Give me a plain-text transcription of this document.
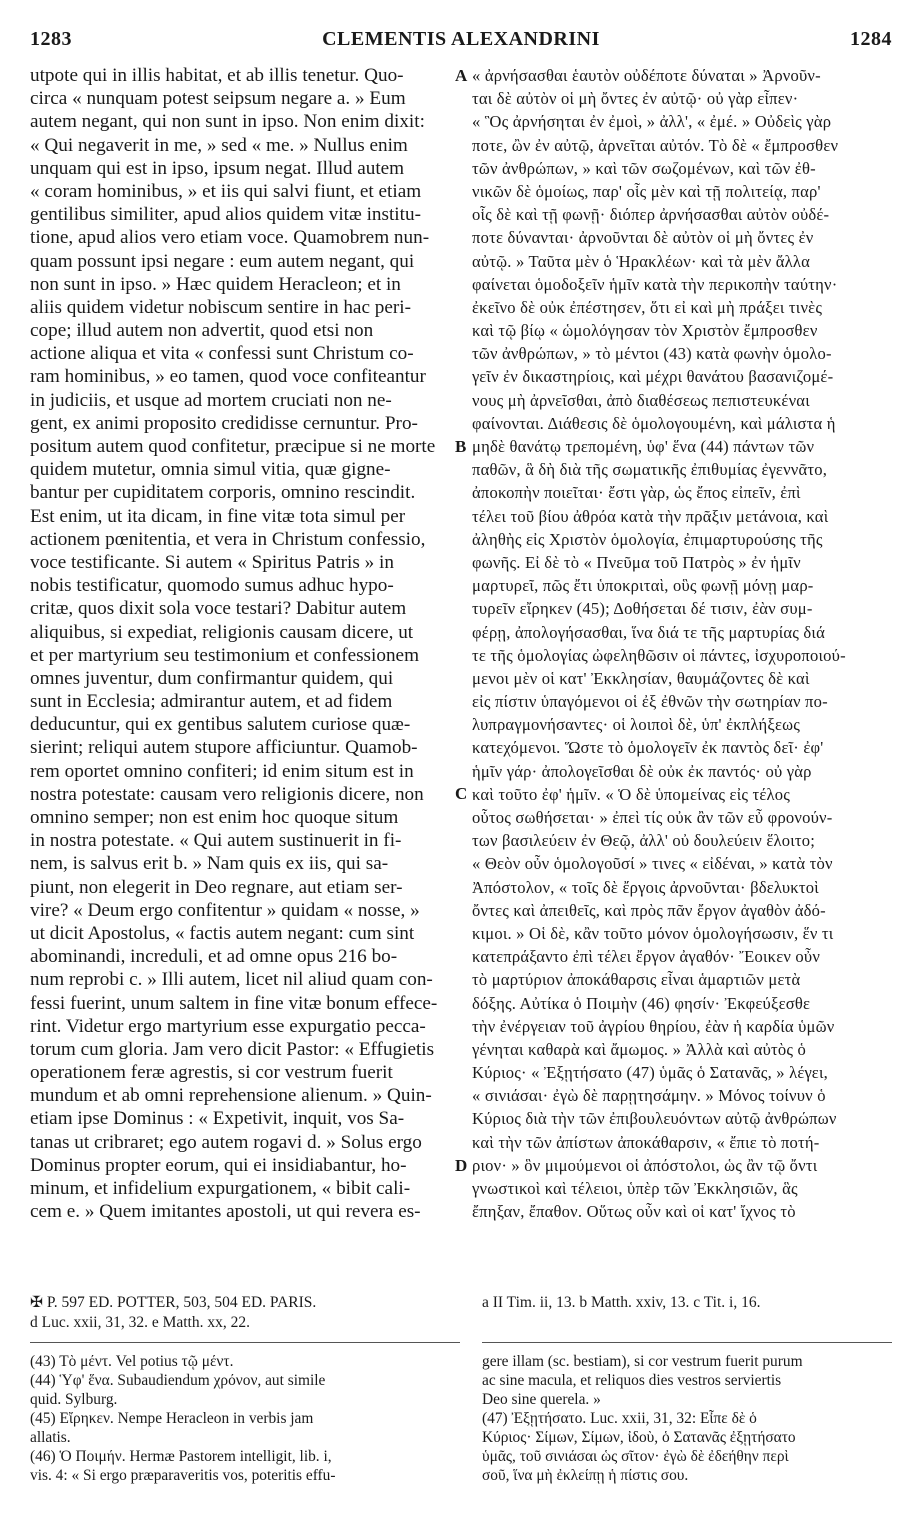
1283	CLEMENTIS ALEXANDRINI	1284
utpote qui in illis habitat, et ab illis tenetur. Quo-
circa « nunquam potest seipsum negare a. » Eum
autem negant, qui non sunt in ipso. Non enim dixit:
« Qui negaverit in me, » sed « me. » Nullus enim
unquam qui est in ipso, ipsum negat. Illud autem
« coram hominibus, » et iis qui salvi fiunt, et etiam
gentilibus similiter, apud alios quidem vitæ institu-
tione, apud alios vero etiam voce. Quamobrem nun-
quam possunt ipsi negare : eum autem negant, qui
non sunt in ipso. » Hæc quidem Heracleon; et in
aliis quidem videtur nobiscum sentire in hac peri-
cope; illud autem non advertit, quod etsi non
actione aliqua et vita « confessi sunt Christum co-
ram hominibus, » eo tamen, quod voce confiteantur
in judiciis, et usque ad mortem cruciati non ne-
gent, ex animi proposito credidisse cernuntur. Pro-
positum autem quod confitetur, præcipue si ne morte
quidem mutetur, omnia simul vitia, quæ gigne-
bantur per cupiditatem corporis, omnino rescindit.
Est enim, ut ita dicam, in fine vitæ tota simul per
actionem pœnitentia, et vera in Christum confessio,
voce testificante. Si autem « Spiritus Patris » in
nobis testificatur, quomodo sumus adhuc hypo-
critæ, quos dixit sola voce testari? Dabitur autem
aliquibus, si expediat, religionis causam dicere, ut
et per martyrium seu testimonium et confessionem
omnes juventur, dum confirmantur quidem, qui
sunt in Ecclesia; admirantur autem, et ad fidem
deducuntur, qui ex gentibus salutem curiose quæ-
sierint; reliqui autem stupore afficiuntur. Quamob-
rem oportet omnino confiteri; id enim situm est in
nostra potestate: causam vero religionis dicere, non
omnino semper; non est enim hoc quoque situm
in nostra potestate. « Qui autem sustinuerit in fi-
nem, is salvus erit b. » Nam quis ex iis, qui sa-
piunt, non elegerit in Deo regnare, aut etiam ser-
vire? « Deum ergo confitentur » quidam « nosse, »
ut dicit Apostolus, « factis autem negant: cum sint
abominandi, increduli, et ad omne opus 216 bo-
num reprobi c. » Illi autem, licet nil aliud quam con-
fessi fuerint, unum saltem in fine vitæ bonum effece-
rint. Videtur ergo martyrium esse expurgatio pecca-
torum cum gloria. Jam vero dicit Pastor: « Effugietis
operationem feræ agrestis, si cor vestrum fuerit
mundum et ab omni reprehensione alienum. » Quin-
etiam ipse Dominus : « Expetivit, inquit, vos Sa-
tanas ut cribraret; ego autem rogavi d. » Solus ergo
Dominus propter eorum, qui ei insidiabantur, ho-
minum, et infidelium expurgationem, « bibit cali-
cem e. » Quem imitantes apostoli, ut qui revera es-
« ἀρνήσασθαι ἑαυτὸν οὐδέποτε δύναται » Ἀρνοῦν-
ται δὲ αὐτὸν οἱ μὴ ὄντες ἐν αὐτῷ· οὐ γὰρ εἶπεν·
« Ὃς ἀρνήσηται ἐν ἐμοὶ, » ἀλλ', « ἐμέ. » Οὐδεὶς γὰρ
ποτε, ὢν ἐν αὐτῷ, ἀρνεῖται αὐτόν. Τὸ δὲ « ἔμπροσθεν
τῶν ἀνθρώπων, » καὶ τῶν σωζομένων, καὶ τῶν ἐθ-
νικῶν δὲ ὁμοίως, παρ' οἷς μὲν καὶ τῇ πολιτείᾳ, παρ'
οἷς δὲ καὶ τῇ φωνῇ· διόπερ ἀρνήσασθαι αὐτὸν οὐδέ-
ποτε δύνανται· ἀρνοῦνται δὲ αὐτὸν οἱ μὴ ὄντες ἐν
αὐτῷ. » Ταῦτα μὲν ὁ Ἡρακλέων· καὶ τὰ μὲν ἄλλα
φαίνεται ὁμοδοξεῖν ἡμῖν κατὰ τὴν περικοπὴν ταύτην·
ἐκεῖνο δὲ οὐκ ἐπέστησεν, ὅτι εἰ καὶ μὴ πράξει τινὲς
καὶ τῷ βίῳ « ὡμολόγησαν τὸν Χριστὸν ἔμπροσθεν
τῶν ἀνθρώπων, » τὸ μέντοι (43) κατὰ φωνὴν ὁμολο-
γεῖν ἐν δικαστηρίοις, καὶ μέχρι θανάτου βασανιζομέ-
νους μὴ ἀρνεῖσθαι, ἀπὸ διαθέσεως πεπιστευκέναι
φαίνονται. Διάθεσις δὲ ὁμολογουμένη, καὶ μάλιστα ἡ
μηδὲ θανάτῳ τρεπομένη, ὑφ' ἕνα (44) πάντων τῶν
παθῶν, ἃ δὴ διὰ τῆς σωματικῆς ἐπιθυμίας ἐγεννᾶτο,
ἀποκοπὴν ποιεῖται· ἔστι γὰρ, ὡς ἔπος εἰπεῖν, ἐπὶ
τέλει τοῦ βίου ἀθρόα κατὰ τὴν πρᾶξιν μετάνοια, καὶ
ἀληθὴς εἰς Χριστὸν ὁμολογία, ἐπιμαρτυρούσης τῆς
φωνῆς. Εἰ δὲ τὸ « Πνεῦμα τοῦ Πατρὸς » ἐν ἡμῖν
μαρτυρεῖ, πῶς ἔτι ὑποκριταὶ, οὓς φωνῇ μόνῃ μαρ-
τυρεῖν εἴρηκεν (45); Δοθήσεται δέ τισιν, ἐὰν συμ-
φέρῃ, ἀπολογήσασθαι, ἵνα διά τε τῆς μαρτυρίας διά
τε τῆς ὁμολογίας ὠφεληθῶσιν οἱ πάντες, ἰσχυροποιού-
μενοι μὲν οἱ κατ' Ἐκκλησίαν, θαυμάζοντες δὲ καὶ
εἰς πίστιν ὑπαγόμενοι οἱ ἐξ ἐθνῶν τὴν σωτηρίαν πο-
λυπραγμονήσαντες· οἱ λοιποὶ δὲ, ὑπ' ἐκπλήξεως
κατεχόμενοι. Ὥστε τὸ ὁμολογεῖν ἐκ παντὸς δεῖ· ἐφ'
ἡμῖν γάρ· ἀπολογεῖσθαι δὲ οὐκ ἐκ παντός· οὐ γὰρ
καὶ τοῦτο ἐφ' ἡμῖν. « Ὁ δὲ ὑπομείνας εἰς τέλος
οὗτος σωθήσεται· » ἐπεὶ τίς οὐκ ἂν τῶν εὖ φρονούν-
των βασιλεύειν ἐν Θεῷ, ἀλλ' οὐ δουλεύειν ἕλοιτο;
« Θεὸν οὖν ὁμολογοῦσί » τινες « εἰδέναι, » κατὰ τὸν
Ἀπόστολον, « τοῖς δὲ ἔργοις ἀρνοῦνται· βδελυκτοὶ
ὄντες καὶ ἀπειθεῖς, καὶ πρὸς πᾶν ἔργον ἀγαθὸν ἀδό-
κιμοι. » Οἱ δὲ, κἂν τοῦτο μόνον ὁμολογήσωσιν, ἕν τι
κατεπράξαντο ἐπὶ τέλει ἔργον ἀγαθόν· Ἔοικεν οὖν
τὸ μαρτύριον ἀποκάθαρσις εἶναι ἁμαρτιῶν μετὰ
δόξης. Αὐτίκα ὁ Ποιμὴν (46) φησίν· Ἐκφεύξεσθε
τὴν ἐνέργειαν τοῦ ἀγρίου θηρίου, ἐὰν ἡ καρδία ὑμῶν
γένηται καθαρὰ καὶ ἄμωμος. » Ἀλλὰ καὶ αὐτὸς ὁ
Κύριος· « Ἐξῃτήσατο (47) ὑμᾶς ὁ Σατανᾶς, » λέγει,
« σινιάσαι· ἐγὼ δὲ παρῃτησάμην. » Μόνος τοίνυν ὁ
Κύριος διὰ τὴν τῶν ἐπιβουλευόντων αὐτῷ ἀνθρώπων
καὶ τὴν τῶν ἀπίστων ἀποκάθαρσιν, « ἔπιε τὸ ποτή-
ριον· » ὃν μιμούμενοι οἱ ἀπόστολοι, ὡς ἂν τῷ ὄντι
γνωστικοὶ καὶ τέλειοι, ὑπὲρ τῶν Ἐκκλησιῶν, ἃς
ἔπηξαν, ἔπαθον. Οὕτως οὖν καὶ οἱ κατ' ἴχνος τὸ
A
B
C
D
✠ P. 597 ED. POTTER, 503, 504 ED. PARIS.
d Luc. xxii, 31, 32. e Matth. xx, 22.
a II Tim. ii, 13. b Matth. xxiv, 13. c Tit. i, 16.
(43) Τὸ μέντ. Vel potius τῷ μέντ.
(44) Ὑφ' ἕνα. Subaudiendum χρόνον, aut simile
quid. Sylburg.
(45) Εἴρηκεν. Nempe Heracleon in verbis jam
allatis.
(46) Ὁ Ποιμήν. Hermæ Pastorem intelligit, lib. i,
vis. 4: « Si ergo præparaveritis vos, poteritis effu-
gere illam (sc. bestiam), si cor vestrum fuerit purum
ac sine macula, et reliquos dies vestros serviertis
Deo sine querela. »
(47) Ἐξῃτήσατο. Luc. xxii, 31, 32: Εἶπε δὲ ὁ
Κύριος· Σίμων, Σίμων, ἰδοὺ, ὁ Σατανᾶς ἐξῃτήσατο
ὑμᾶς, τοῦ σινιάσαι ὡς σῖτον· ἐγὼ δὲ ἐδεήθην περὶ
σοῦ, ἵνα μὴ ἐκλείπῃ ἡ πίστις σου.
